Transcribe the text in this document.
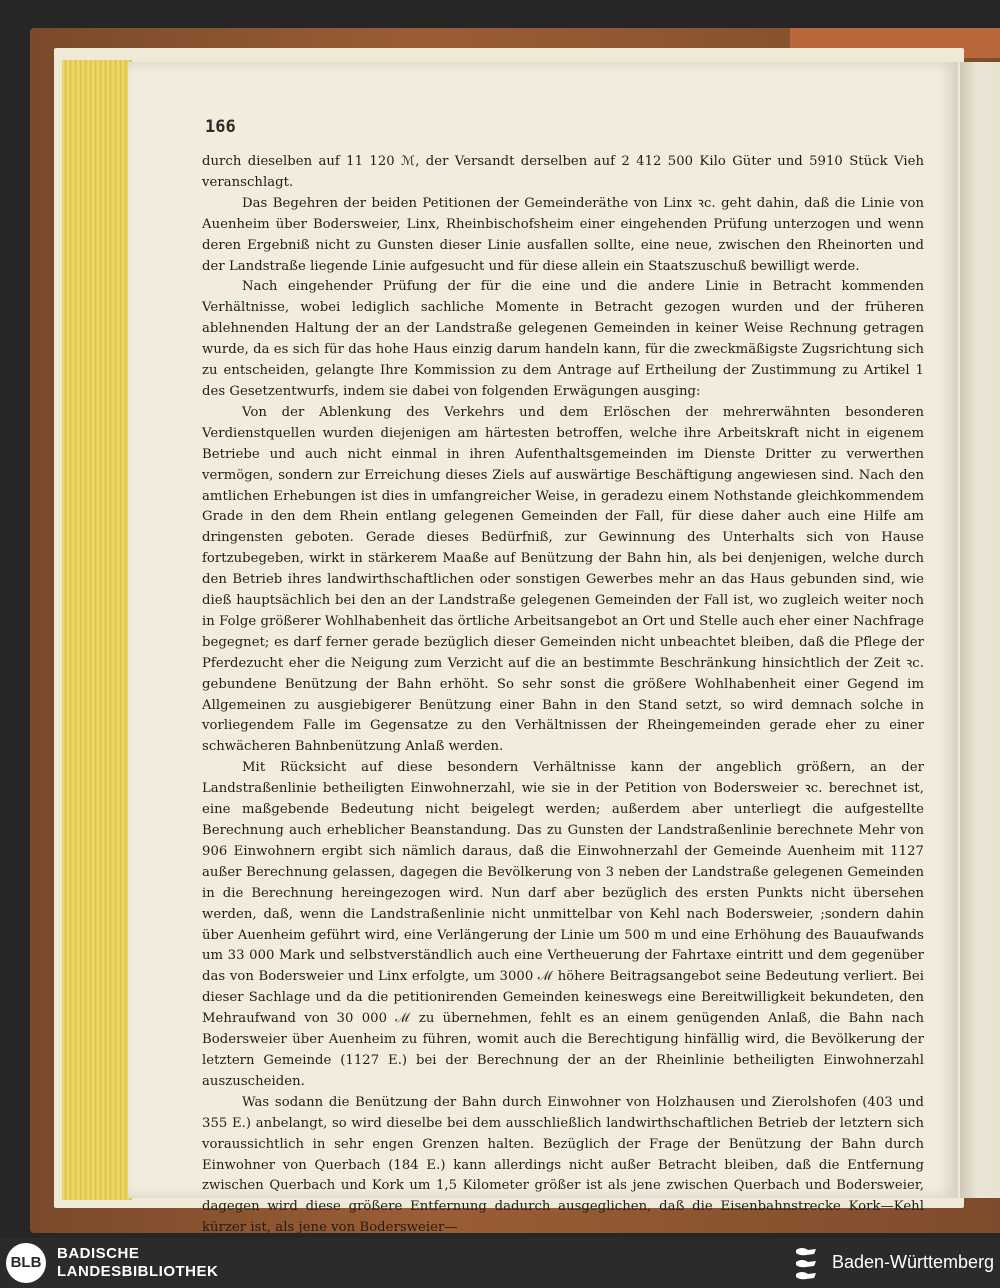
166

durch dieselben auf 11 120 ℳ, der Versandt derselben auf 2 412 500 Kilo Güter und 5910 Stück Vieh veranschlagt.

Das Begehren der beiden Petitionen der Gemeinderäthe von Linx ꝛc. geht dahin, daß die Linie von Auenheim über Bodersweier, Linx, Rheinbischofsheim einer eingehenden Prüfung unterzogen und wenn deren Ergebniß nicht zu Gunsten dieser Linie ausfallen sollte, eine neue, zwischen den Rheinorten und der Landstraße liegende Linie aufgesucht und für diese allein ein Staatszuschuß bewilligt werde.

Nach eingehender Prüfung der für die eine und die andere Linie in Betracht kommenden Verhältnisse, wobei lediglich sachliche Momente in Betracht gezogen wurden und der früheren ablehnenden Haltung der an der Landstraße gelegenen Gemeinden in keiner Weise Rechnung getragen wurde, da es sich für das hohe Haus einzig darum handeln kann, für die zweckmäßigste Zugsrichtung sich zu entscheiden, gelangte Ihre Kommission zu dem Antrage auf Ertheilung der Zustimmung zu Artikel 1 des Gesetzentwurfs, indem sie dabei von folgenden Erwägungen ausging:

Von der Ablenkung des Verkehrs und dem Erlöschen der mehrerwähnten besonderen Verdienstquellen wurden diejenigen am härtesten betroffen, welche ihre Arbeitskraft nicht in eigenem Betriebe und auch nicht einmal in ihren Aufenthaltsgemeinden im Dienste Dritter zu verwerthen vermögen, sondern zur Erreichung dieses Ziels auf auswärtige Beschäftigung angewiesen sind. Nach den amtlichen Erhebungen ist dies in umfangreicher Weise, in geradezu einem Nothstande gleichkommendem Grade in den dem Rhein entlang gelegenen Gemeinden der Fall, für diese daher auch eine Hilfe am dringensten geboten. Gerade dieses Bedürfniß, zur Gewinnung des Unterhalts sich von Hause fortzubegeben, wirkt in stärkerem Maaße auf Benützung der Bahn hin, als bei denjenigen, welche durch den Betrieb ihres landwirthschaftlichen oder sonstigen Gewerbes mehr an das Haus gebunden sind, wie dieß hauptsächlich bei den an der Landstraße gelegenen Gemeinden der Fall ist, wo zugleich weiter noch in Folge größerer Wohlhabenheit das örtliche Arbeitsangebot an Ort und Stelle auch eher einer Nachfrage begegnet; es darf ferner gerade bezüglich dieser Gemeinden nicht unbeachtet bleiben, daß die Pflege der Pferdezucht eher die Neigung zum Verzicht auf die an bestimmte Beschränkung hinsichtlich der Zeit ꝛc. gebundene Benützung der Bahn erhöht. So sehr sonst die größere Wohlhabenheit einer Gegend im Allgemeinen zu ausgiebigerer Benützung einer Bahn in den Stand setzt, so wird demnach solche in vorliegendem Falle im Gegensatze zu den Verhältnissen der Rheingemeinden gerade eher zu einer schwächeren Bahnbenützung Anlaß werden.

Mit Rücksicht auf diese besondern Verhältnisse kann der angeblich größern, an der Landstraßenlinie betheiligten Einwohnerzahl, wie sie in der Petition von Bodersweier ꝛc. berechnet ist, eine maßgebende Bedeutung nicht beigelegt werden; außerdem aber unterliegt die aufgestellte Berechnung auch erheblicher Beanstandung. Das zu Gunsten der Landstraßenlinie berechnete Mehr von 906 Einwohnern ergibt sich nämlich daraus, daß die Einwohnerzahl der Gemeinde Auenheim mit 1127 außer Berechnung gelassen, dagegen die Bevölkerung von 3 neben der Landstraße gelegenen Gemeinden in die Berechnung hereingezogen wird. Nun darf aber bezüglich des ersten Punkts nicht übersehen werden, daß, wenn die Landstraßenlinie nicht unmittelbar von Kehl nach Bodersweier, ;sondern dahin über Auenheim geführt wird, eine Verlängerung der Linie um 500 m und eine Erhöhung des Bauaufwands um 33 000 Mark und selbstverständlich auch eine Vertheuerung der Fahrtaxe eintritt und dem gegenüber das von Bodersweier und Linx erfolgte, um 3000 ℳ höhere Beitragsangebot seine Bedeutung verliert. Bei dieser Sachlage und da die petitionirenden Gemeinden keineswegs eine Bereitwilligkeit bekundeten, den Mehraufwand von 30 000 ℳ zu übernehmen, fehlt es an einem genügenden Anlaß, die Bahn nach Bodersweier über Auenheim zu führen, womit auch die Berechtigung hinfällig wird, die Bevölkerung der letztern Gemeinde (1127 E.) bei der Berechnung der an der Rheinlinie betheiligten Einwohnerzahl auszuscheiden.

Was sodann die Benützung der Bahn durch Einwohner von Holzhausen und Zierolshofen (403 und 355 E.) anbelangt, so wird dieselbe bei dem ausschließlich landwirthschaftlichen Betrieb der letztern sich voraussichtlich in sehr engen Grenzen halten. Bezüglich der Frage der Benützung der Bahn durch Einwohner von Querbach (184 E.) kann allerdings nicht außer Betracht bleiben, daß die Entfernung zwischen Querbach und Kork um 1,5 Kilometer größer ist als jene zwischen Querbach und Bodersweier, dagegen wird diese größere Entfernung dadurch ausgeglichen, daß die Eisenbahnstrecke Kork—Kehl kürzer ist, als jene von Bodersweier—

BLB
BADISCHE
LANDESBIBLIOTHEK	Baden-Württemberg
